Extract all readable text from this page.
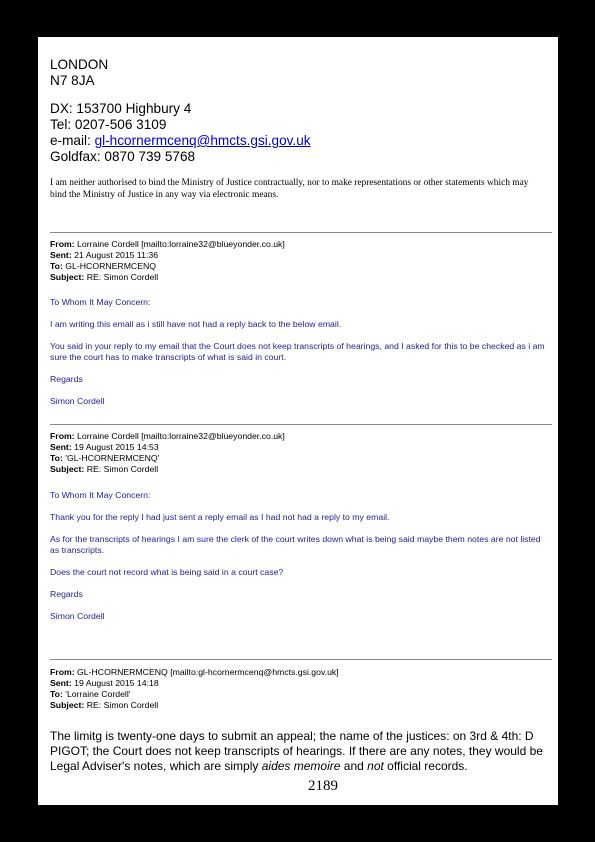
LONDON
N7 8JA
DX: 153700 Highbury 4
Tel: 0207-506 3109
e-mail: gl-hcornermcenq@hmcts.gsi.gov.uk
Goldfax: 0870 739 5768
I am neither authorised to bind the Ministry of Justice contractually, nor to make representations or other statements which may bind the Ministry of Justice in any way via electronic means.
From: Lorraine Cordell [mailto:lorraine32@blueyonder.co.uk]
Sent: 21 August 2015 11:36
To: GL-HCORNERMCENQ
Subject: RE: Simon Cordell
To Whom It May Concern:
I am writing this email as i still have not had a reply back to the below email.
You said in your reply to my email that the Court does not keep transcripts of hearings, and I asked for this to be checked as i am sure the court has to make transcripts of what is said in court.
Regards
Simon Cordell
From: Lorraine Cordell [mailto:lorraine32@blueyonder.co.uk]
Sent: 19 August 2015 14:53
To: 'GL-HCORNERMCENQ'
Subject: RE: Simon Cordell
To Whom It May Concern:
Thank you for the reply I had just sent a reply email as I had not had a reply to my email.
As for the transcripts of hearings I am sure the clerk of the court writes down what is being said maybe them notes are not listed as transcripts.
Does the court not record what is being said in a court case?
Regards
Simon Cordell
From: GL-HCORNERMCENQ [mailto:gl-hcornermcenq@hmcts.gsi.gov.uk]
Sent: 19 August 2015 14:18
To: 'Lorraine Cordell'
Subject: RE: Simon Cordell
The limitg is twenty-one days to submit an appeal; the name of the justices: on 3rd & 4th: D PIGOT; the Court does not keep transcripts of hearings. If there are any notes, they would be Legal Adviser's notes, which are simply aides memoire and not official records.
2189
